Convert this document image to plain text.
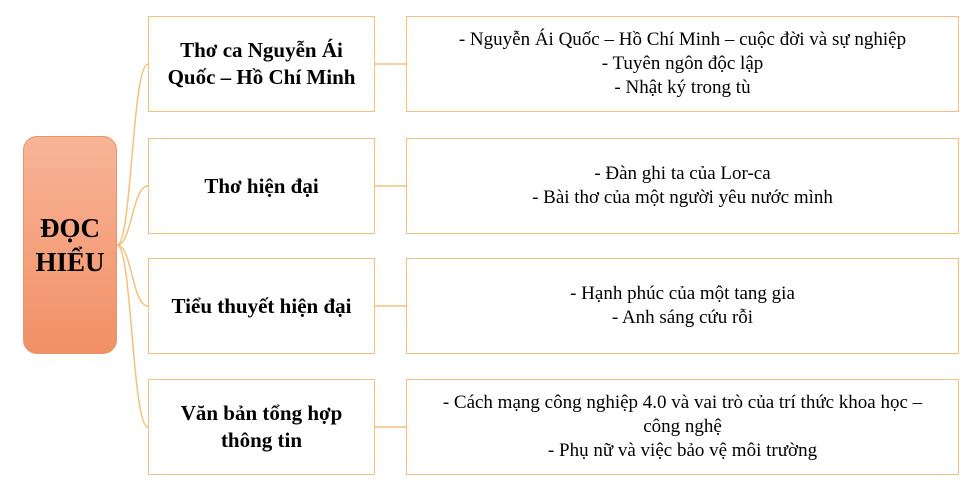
ĐỌC
HIỂU
Thơ ca Nguyễn Ái
Quốc – Hồ Chí Minh
- Nguyễn Ái Quốc – Hồ Chí Minh – cuộc đời và sự nghiệp
- Tuyên ngôn độc lập
- Nhật ký trong tù
Thơ hiện đại	- Đàn ghi ta của Lor-ca
- Bài thơ của một người yêu nước mình
Tiểu thuyết hiện đại	- Hạnh phúc của một tang gia
- Anh sáng cứu rỗi
Văn bản tổng hợp
thông tin
- Cách mạng công nghiệp 4.0 và vai trò của trí thức khoa học –
công nghệ
- Phụ nữ và việc bảo vệ môi trường
